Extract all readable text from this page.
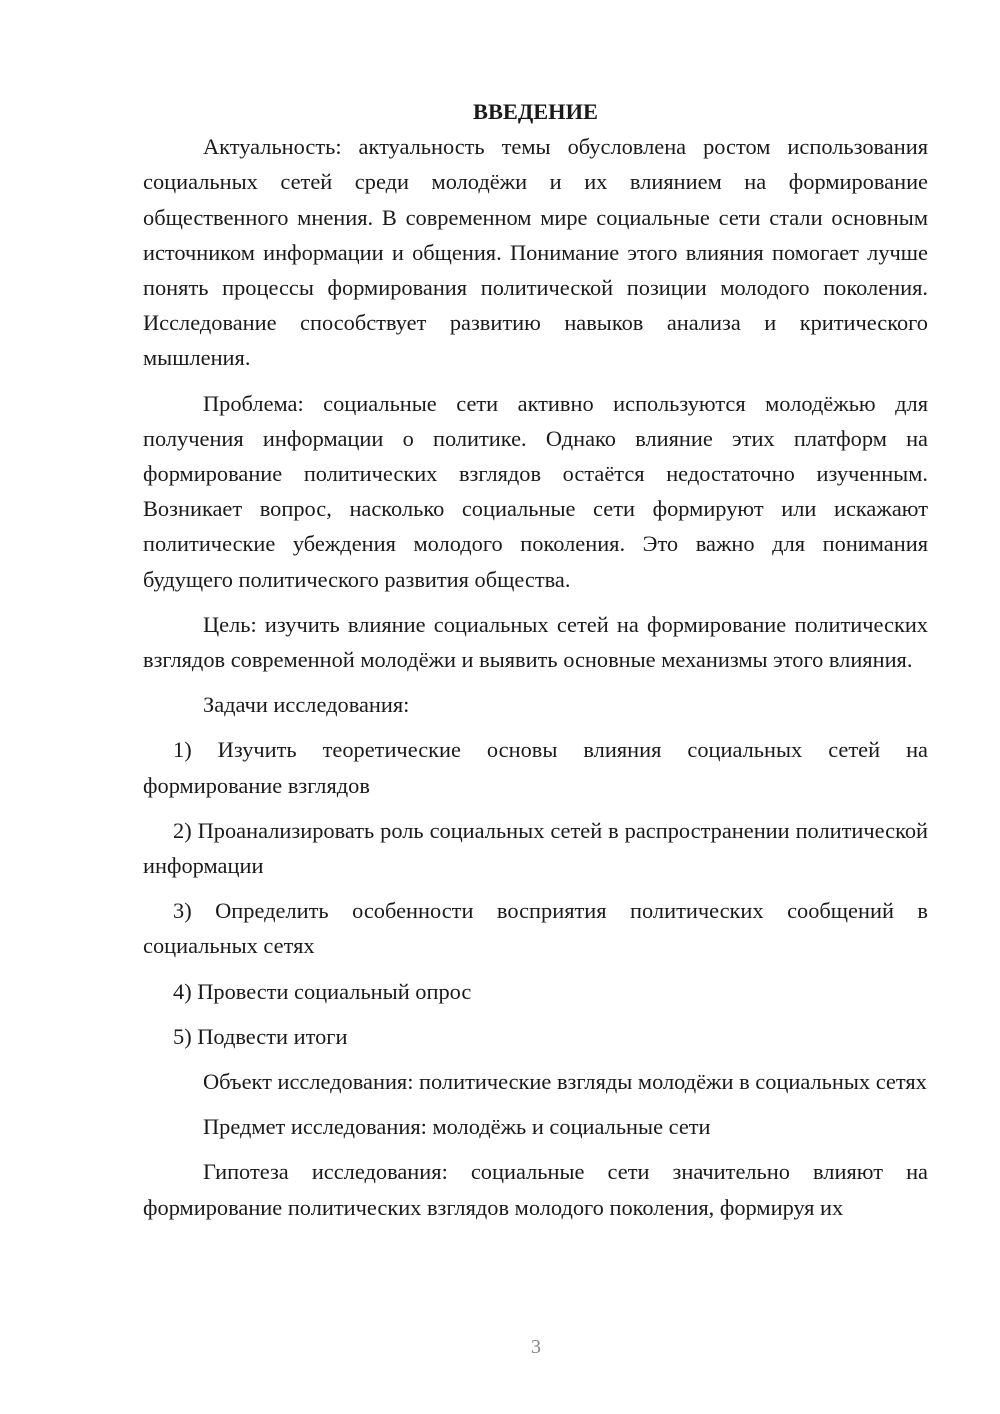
ВВЕДЕНИЕ

Актуальность: актуальность темы обусловлена ростом использования социальных сетей среди молодёжи и их влиянием на формирование общественного мнения. В современном мире социальные сети стали основным источником информации и общения. Понимание этого влияния помогает лучше понять процессы формирования политической позиции молодого поколения. Исследование способствует развитию навыков анализа и критического мышления.

Проблема: социальные сети активно используются молодёжью для получения информации о политике. Однако влияние этих платформ на формирование политических взглядов остаётся недостаточно изученным. Возникает вопрос, насколько социальные сети формируют или искажают политические убеждения молодого поколения. Это важно для понимания будущего политического развития общества.

Цель: изучить влияние социальных сетей на формирование политических взглядов современной молодёжи и выявить основные механизмы этого влияния.

Задачи исследования:

1) Изучить теоретические основы влияния социальных сетей на формирование взглядов

2) Проанализировать роль социальных сетей в распространении политической информации

3) Определить особенности восприятия политических сообщений в социальных сетях

4) Провести социальный опрос

5) Подвести итоги

Объект исследования: политические взгляды молодёжи в социальных сетях

Предмет исследования: молодёжь и социальные сети

Гипотеза исследования: социальные сети значительно влияют на формирование политических взглядов молодого поколения, формируя их

3
